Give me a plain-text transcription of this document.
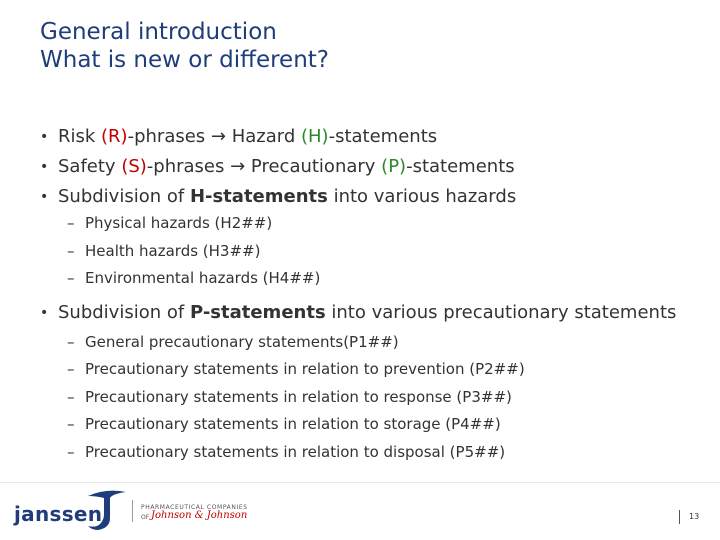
General introduction
What is new or different?
• Risk (R)-phrases → Hazard (H)-statements
• Safety (S)-phrases → Precautionary (P)-statements
• Subdivision of H-statements into various hazards
– Physical hazards (H2##)
– Health hazards (H3##)
– Environmental hazards (H4##)
• Subdivision of P-statements into various precautionary statements
– General precautionary statements(P1##)
– Precautionary statements in relation to prevention (P2##)
– Precautionary statements in relation to response (P3##)
– Precautionary statements in relation to storage (P4##)
– Precautionary statements in relation to disposal (P5##)
janssen	PHARMACEUTICAL COMPANIES
OF Johnson & Johnson	13
